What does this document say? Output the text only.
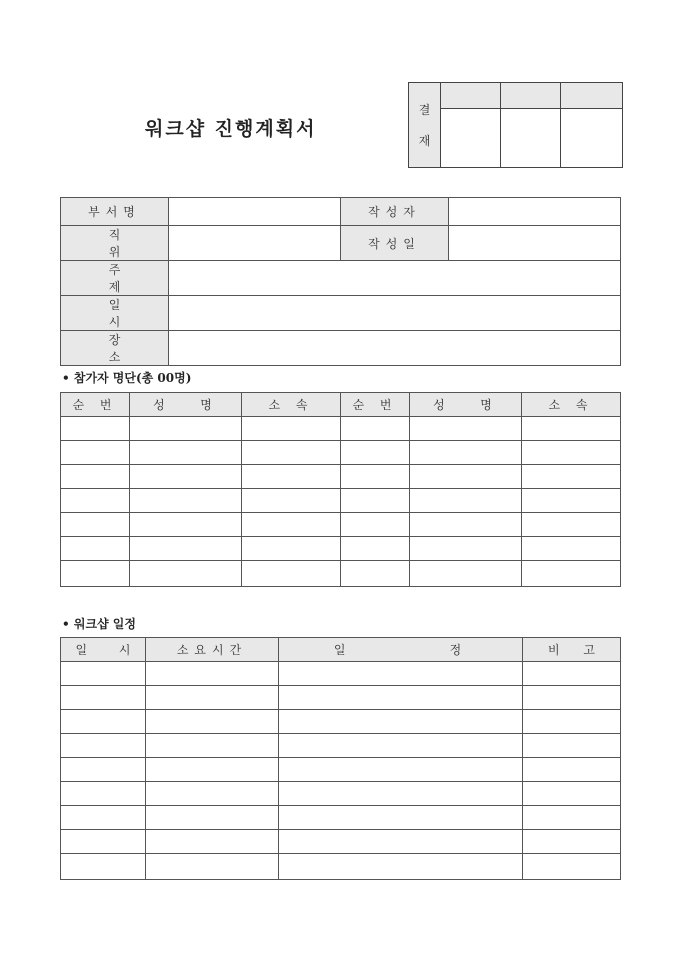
워크샵 진행계획서
결
재			

부서명		작성자	
직 위		작성일	
주 제			
일 시			
장 소			
• 참가자 명단(총 00명)
순 번	성   명	소 속	순 번	성   명	소 속

• 워크샵 일정
일 시	소요시간	일          정	비 고
